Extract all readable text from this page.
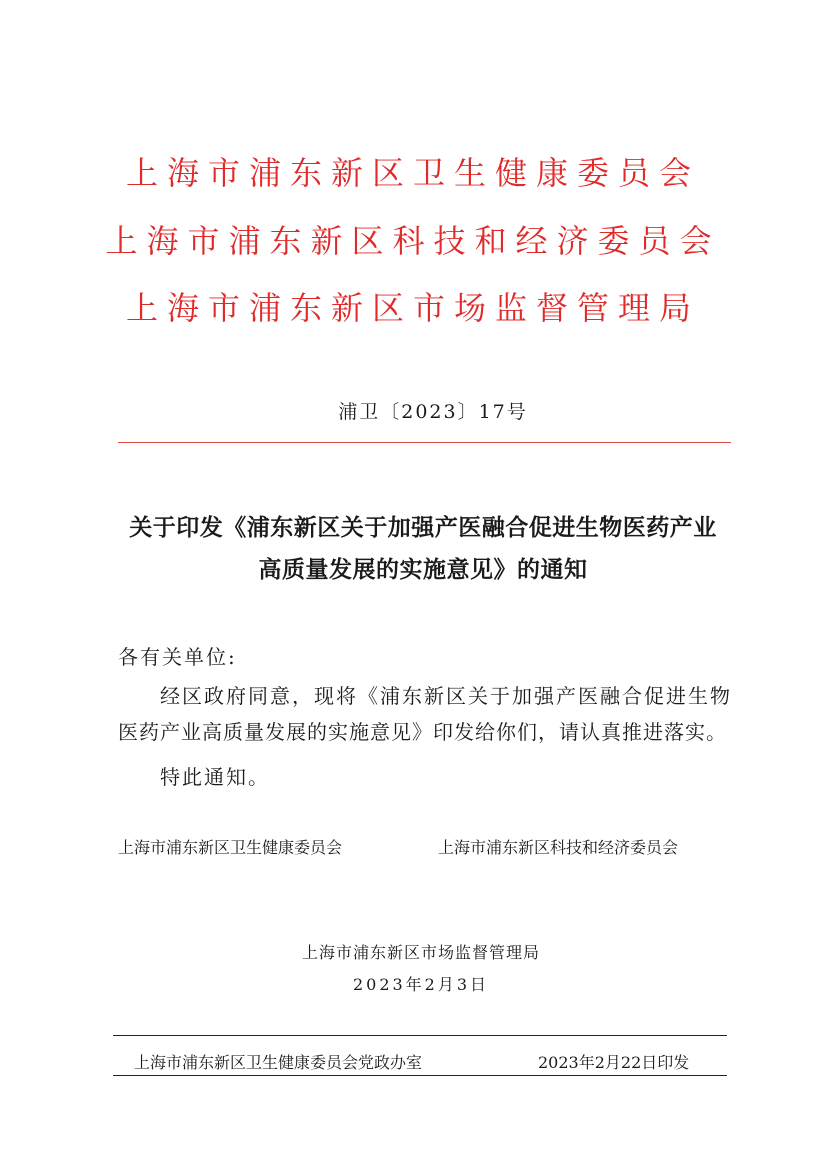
上海市浦东新区卫生健康委员会
上海市浦东新区科技和经济委员会
上海市浦东新区市场监督管理局
浦卫〔2023〕17号
关于印发《浦东新区关于加强产医融合促进生物医药产业
高质量发展的实施意见》的通知
各有关单位:
经区政府同意，现将《浦东新区关于加强产医融合促进生物
医药产业高质量发展的实施意见》印发给你们，请认真推进落实。
特此通知。
上海市浦东新区卫生健康委员会	上海市浦东新区科技和经济委员会
上海市浦东新区市场监督管理局
2023年2月3日
上海市浦东新区卫生健康委员会党政办室	2023年2月22日印发
